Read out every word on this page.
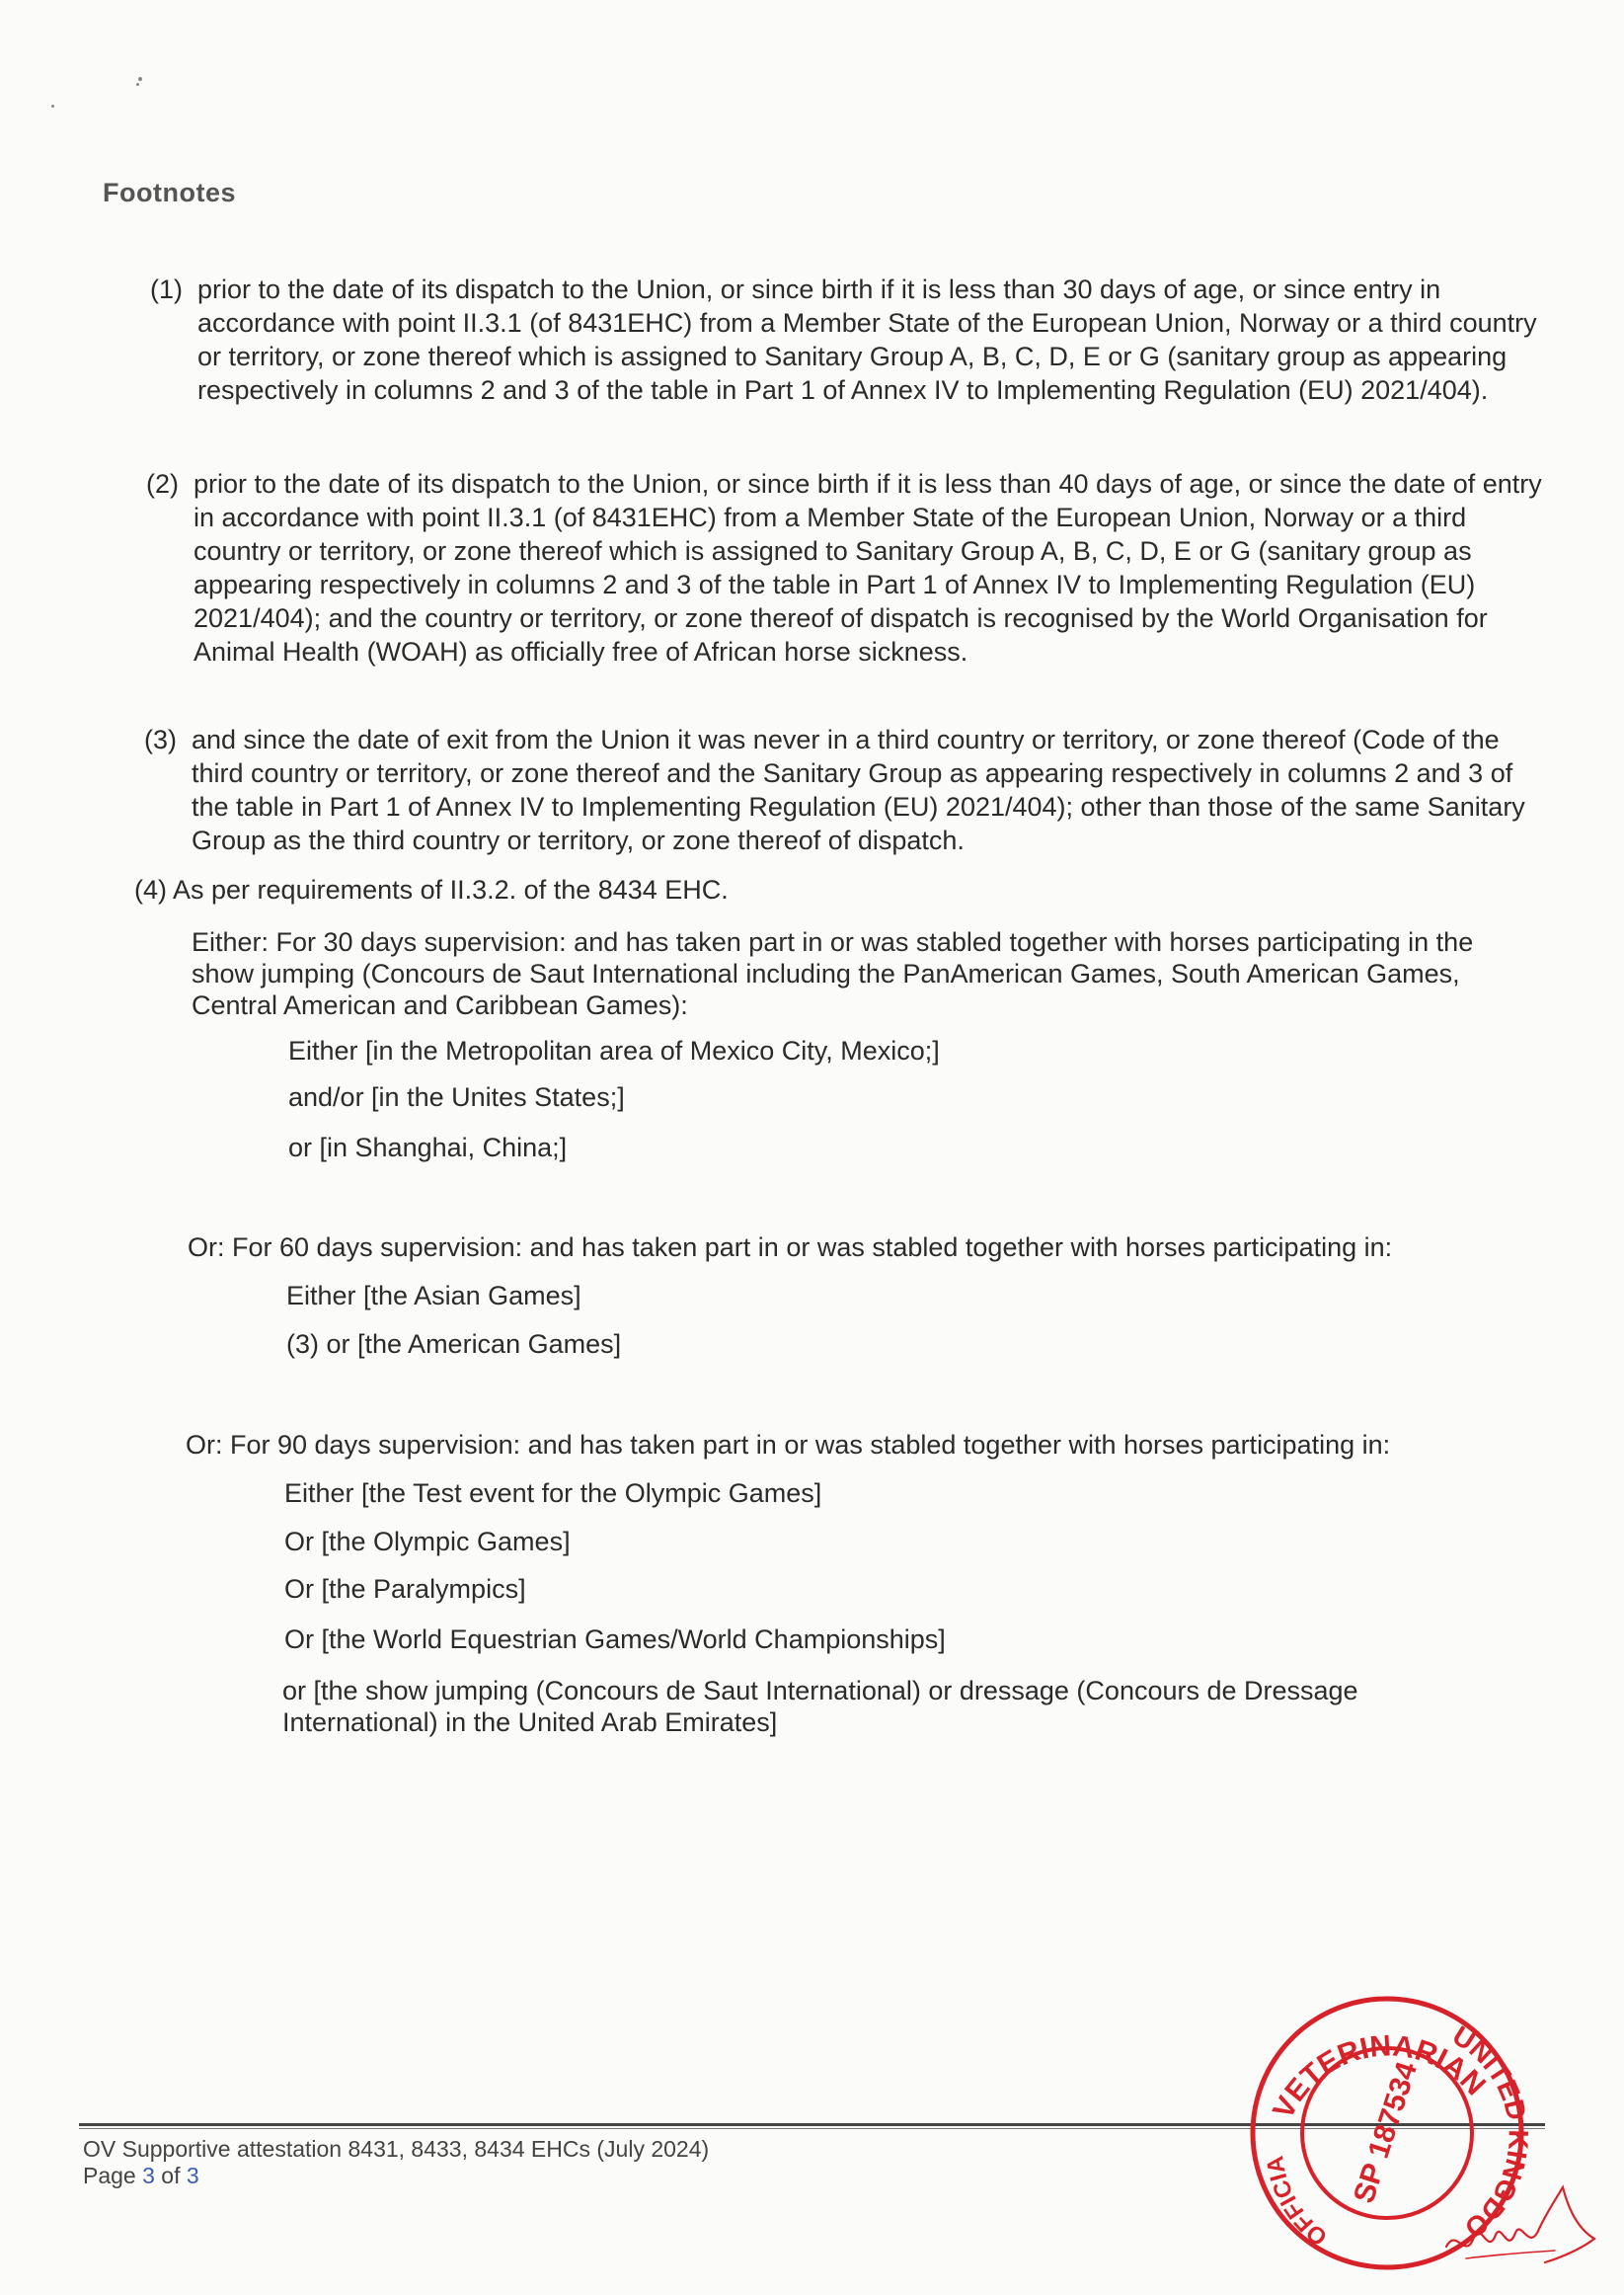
Footnotes
(1) prior to the date of its dispatch to the Union, or since birth if it is less than 30 days of age, or since entry in accordance with point II.3.1 (of 8431EHC) from a Member State of the European Union, Norway or a third country or territory, or zone thereof which is assigned to Sanitary Group A, B, C, D, E or G (sanitary group as appearing respectively in columns 2 and 3 of the table in Part 1 of Annex IV to Implementing Regulation (EU) 2021/404).
(2) prior to the date of its dispatch to the Union, or since birth if it is less than 40 days of age, or since the date of entry in accordance with point II.3.1 (of 8431EHC) from a Member State of the European Union, Norway or a third country or territory, or zone thereof which is assigned to Sanitary Group A, B, C, D, E or G (sanitary group as appearing respectively in columns 2 and 3 of the table in Part 1 of Annex IV to Implementing Regulation (EU) 2021/404); and the country or territory, or zone thereof of dispatch is recognised by the World Organisation for Animal Health (WOAH) as officially free of African horse sickness.
(3) and since the date of exit from the Union it was never in a third country or territory, or zone thereof (Code of the third country or territory, or zone thereof and the Sanitary Group as appearing respectively in columns 2 and 3 of the table in Part 1 of Annex IV to Implementing Regulation (EU) 2021/404); other than those of the same Sanitary Group as the third country or territory, or zone thereof of dispatch.
(4) As per requirements of II.3.2. of the 8434 EHC.
Either: For 30 days supervision: and has taken part in or was stabled together with horses participating in the show jumping (Concours de Saut International including the PanAmerican Games, South American Games, Central American and Caribbean Games):
Either [in the Metropolitan area of Mexico City, Mexico;]
and/or [in the Unites States;]
or [in Shanghai, China;]
Or: For 60 days supervision: and has taken part in or was stabled together with horses participating in:
Either [the Asian Games]
(3) or [the American Games]
Or: For 90 days supervision: and has taken part in or was stabled together with horses participating in:
Either [the Test event for the Olympic Games]
Or [the Olympic Games]
Or [the Paralympics]
Or [the World Equestrian Games/World Championships]
or [the show jumping (Concours de Saut International) or dressage (Concours de Dressage International) in the United Arab Emirates]
OV Supportive attestation 8431, 8433, 8434 EHCs (July 2024)
Page 3 of 3
VETERINARIAN
UNITED KINGDO
OFFICIA	SP 187534
